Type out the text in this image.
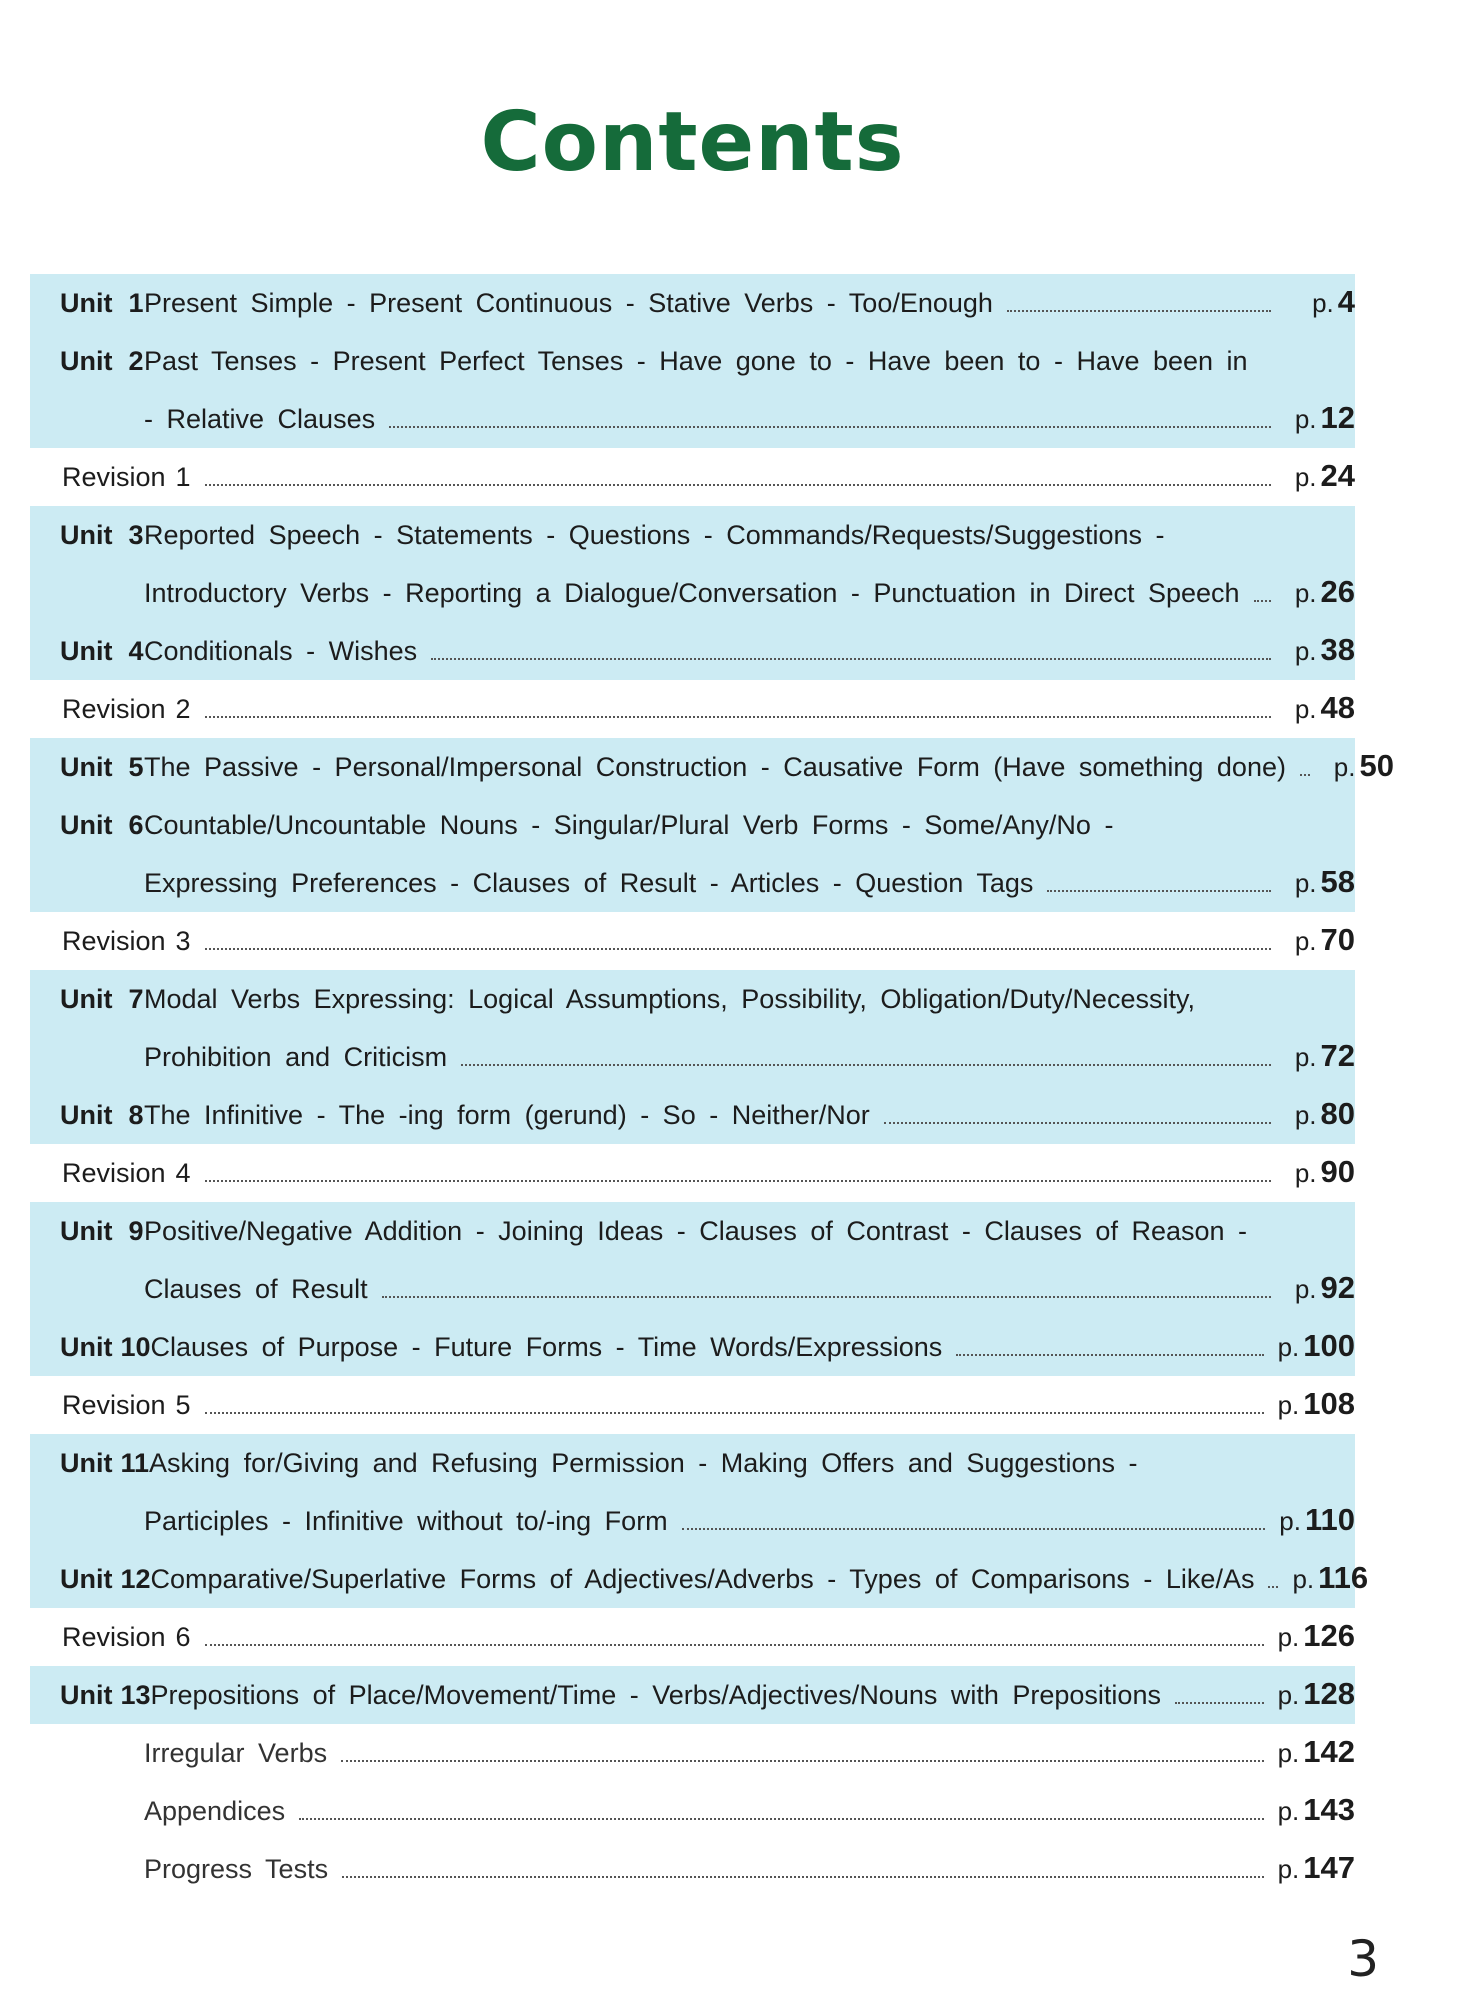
Contents
Unit 1 Present Simple - Present Continuous - Stative Verbs - Too/Enough	p. 4
Unit 2 Past Tenses - Present Perfect Tenses - Have gone to - Have been to - Have been in
- Relative Clauses	p. 12
Revision 1	p. 24
Unit 3 Reported Speech - Statements - Questions - Commands/Requests/Suggestions -
Introductory Verbs - Reporting a Dialogue/Conversation - Punctuation in Direct Speech	p. 26
Unit 4 Conditionals - Wishes	p. 38
Revision 2	p. 48
Unit 5 The Passive - Personal/Impersonal Construction - Causative Form (Have something done)	p. 50
Unit 6 Countable/Uncountable Nouns - Singular/Plural Verb Forms - Some/Any/No -
Expressing Preferences - Clauses of Result - Articles - Question Tags	p. 58
Revision 3	p. 70
Unit 7 Modal Verbs Expressing: Logical Assumptions, Possibility, Obligation/Duty/Necessity,
Prohibition and Criticism	p. 72
Unit 8 The Infinitive - The -ing form (gerund) - So - Neither/Nor	p. 80
Revision 4	p. 90
Unit 9 Positive/Negative Addition - Joining Ideas - Clauses of Contrast - Clauses of Reason -
Clauses of Result	p. 92
Unit 10 Clauses of Purpose - Future Forms - Time Words/Expressions	p. 100
Revision 5	p. 108
Unit 11 Asking for/Giving and Refusing Permission - Making Offers and Suggestions -
Participles - Infinitive without to/-ing Form	p. 110
Unit 12 Comparative/Superlative Forms of Adjectives/Adverbs - Types of Comparisons - Like/As p. 116
Revision 6	p. 126
Unit 13 Prepositions of Place/Movement/Time - Verbs/Adjectives/Nouns with Prepositions	p. 128
Irregular Verbs	p. 142
Appendices	p. 143
Progress Tests	p. 147
3
